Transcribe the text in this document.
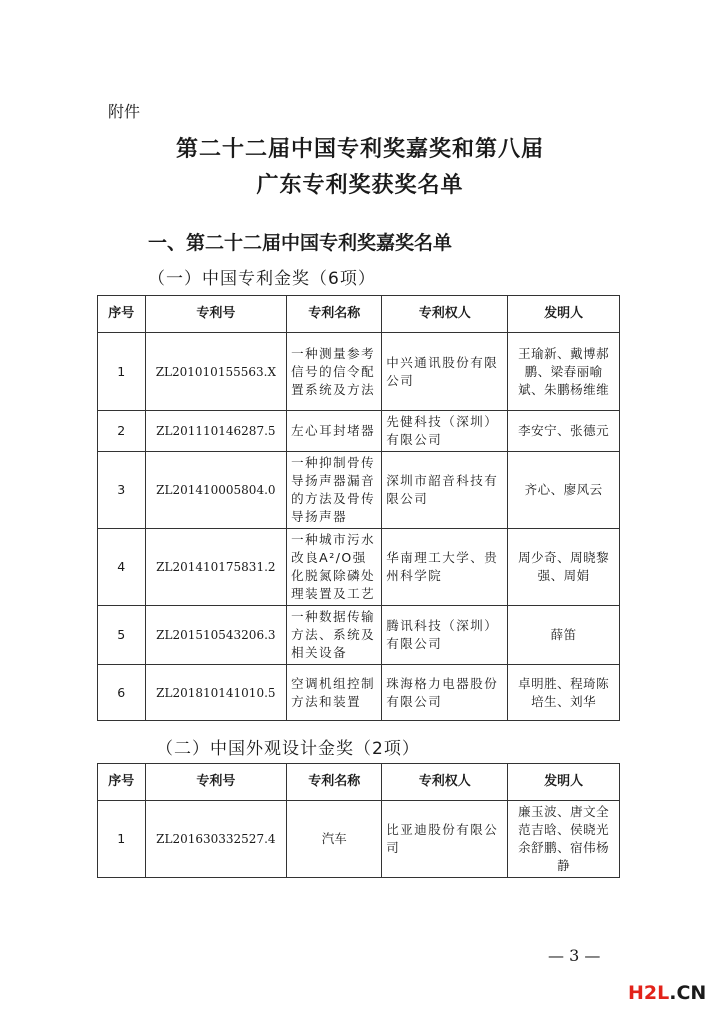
附件
第二十二届中国专利奖嘉奖和第八届
广东专利奖获奖名单
一、第二十二届中国专利奖嘉奖名单
（一）中国专利金奖（6项）
序号	专利号	专利名称	专利权人	发明人
1	ZL201010155563.X	一种测量参考信号的信令配置系统及方法	中兴通讯股份有限公司	王瑜新、戴博郝鹏、梁春丽喻斌、朱鹏杨维维
2	ZL201110146287.5	左心耳封堵器	先健科技（深圳）有限公司	李安宁、张德元
3	ZL201410005804.0	一种抑制骨传导扬声器漏音的方法及骨传导扬声器	深圳市韶音科技有限公司	齐心、廖风云
4	ZL201410175831.2	一种城市污水改良A²/O强化脱氮除磷处理装置及工艺	华南理工大学、贵州科学院	周少奇、周晓黎强、周娟
5	ZL201510543206.3	一种数据传输方法、系统及相关设备	腾讯科技（深圳）有限公司	薛笛
6	ZL201810141010.5	空调机组控制方法和装置	珠海格力电器股份有限公司	卓明胜、程琦陈培生、刘华
（二）中国外观设计金奖（2项）
序号	专利号	专利名称	专利权人	发明人
1	ZL201630332527.4	汽车	比亚迪股份有限公司	廉玉波、唐文全范吉晗、侯晓光余舒鹏、宿伟杨静
— 3 —
H2L.CN
